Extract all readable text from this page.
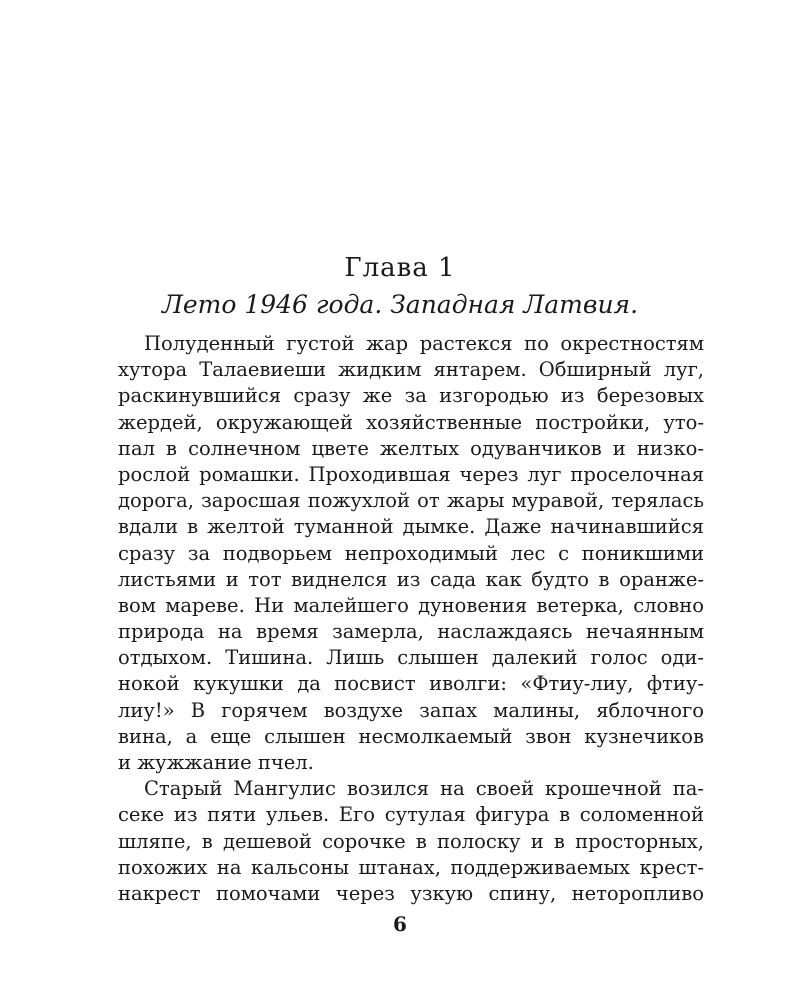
Глава 1
Лето 1946 года. Западная Латвия.
Полуденный густой жар растекся по окрестностям
хутора Талаевиеши жидким янтарем. Обширный луг,
раскинувшийся сразу же за изгородью из березовых
жердей, окружающей хозяйственные постройки, уто-
пал в солнечном цвете желтых одуванчиков и низко-
рослой ромашки. Проходившая через луг проселочная
дорога, заросшая пожухлой от жары муравой, терялась
вдали в желтой туманной дымке. Даже начинавшийся
сразу за подворьем непроходимый лес с поникшими
листьями и тот виднелся из сада как будто в оранже-
вом мареве. Ни малейшего дуновения ветерка, словно
природа на время замерла, наслаждаясь нечаянным
отдыхом. Тишина. Лишь слышен далекий голос оди-
нокой кукушки да посвист иволги: «Фтиу-лиу, фтиу-
лиу!» В горячем воздухе запах малины, яблочного
вина, а еще слышен несмолкаемый звон кузнечиков
и жужжание пчел.
Старый Мангулис возился на своей крошечной па-
секе из пяти ульев. Его сутулая фигура в соломенной
шляпе, в дешевой сорочке в полоску и в просторных,
похожих на кальсоны штанах, поддерживаемых крест-
накрест помочами через узкую спину, неторопливо
6
